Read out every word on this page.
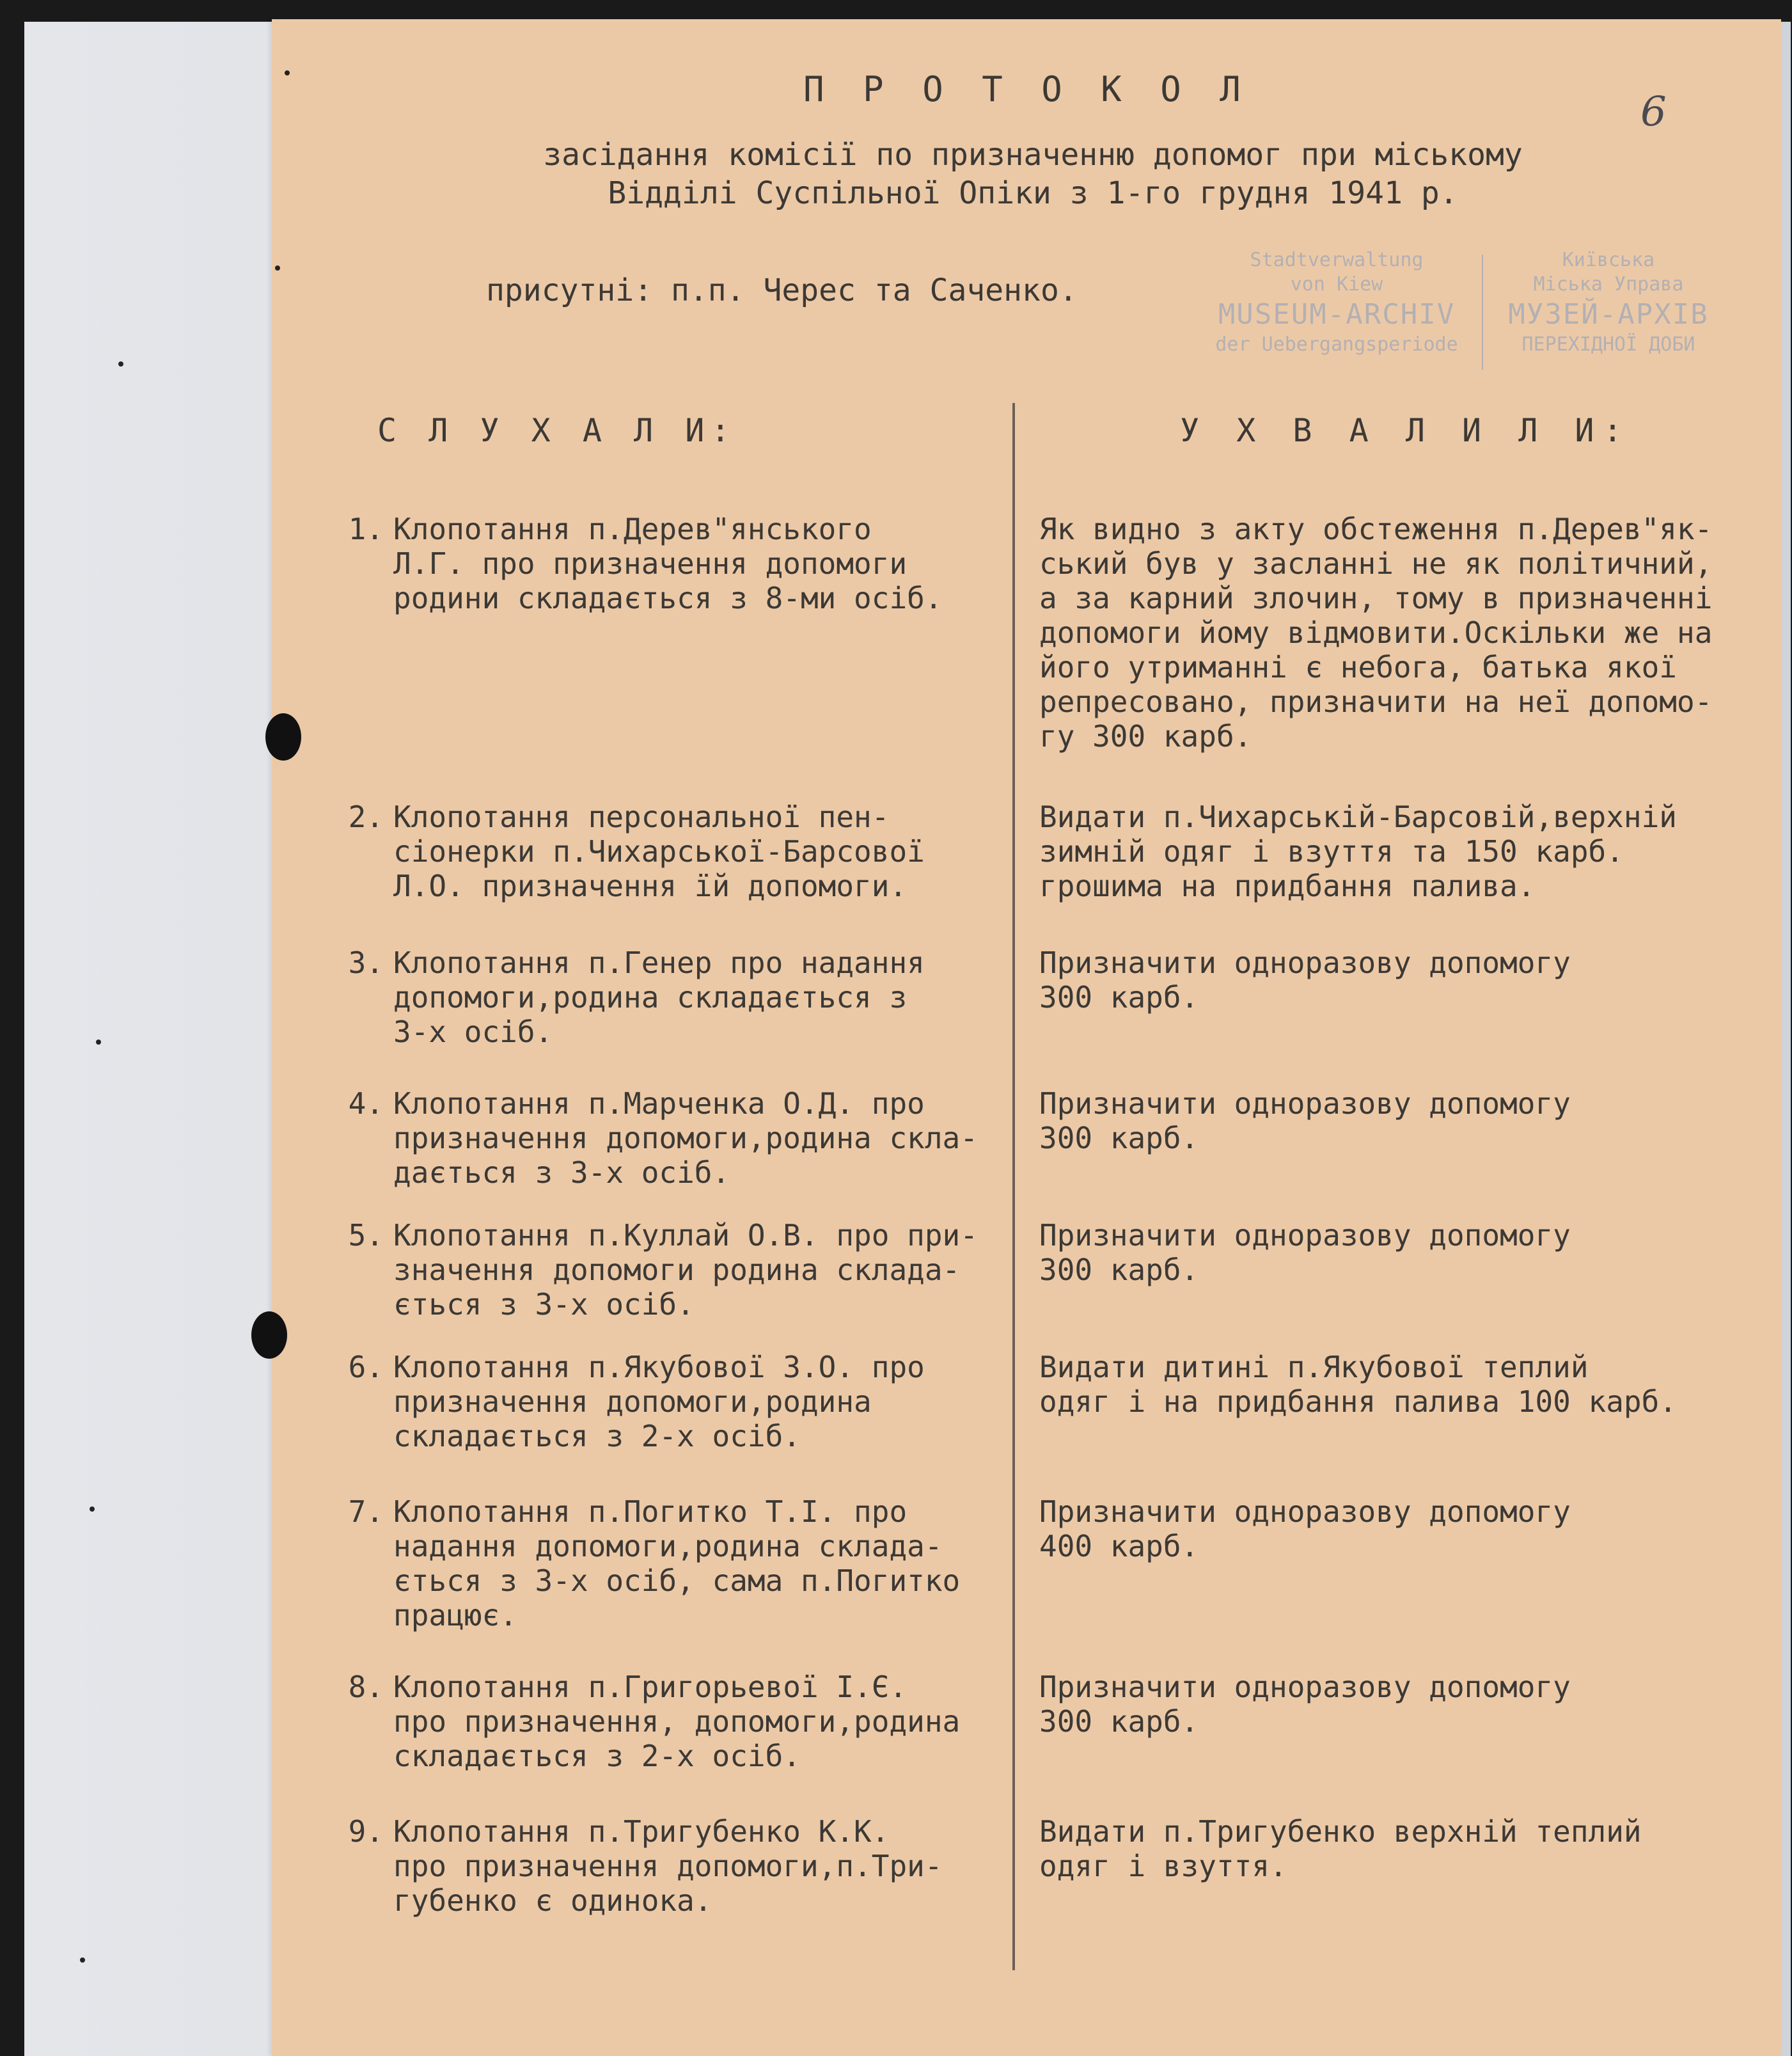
П Р О Т О К О Л
засідання комісії по призначенню допомог при міському
Відділі Суспільної Опіки з 1-го грудня 1941 р.
6
присутні: п.п. Черес та Саченко.
Stadtverwaltung
von Kiew
MUSEUM-ARCHIV
der Uebergangsperiode
Київська
Міська Управа
МУЗЕЙ-АРХІВ
ПЕРЕХІДНОЇ ДОБИ
С Л У Х А Л И:	У Х В А Л И Л И:
1. Клопотання п.Дерев"янського

Л.Г. про призначення допомоги

родини складається з 8-ми осіб.

Як видно з акту обстеження п.Дерев"як-

ський був у засланні не як політичний,

а за карний злочин, тому в призначенні

допомоги йому відмовити.Оскільки же на

його утриманні є небога, батька якої

репресовано, призначити на неї допомо-

гу 300 карб.

2. Клопотання персональної пен-

сіонерки п.Чихарської-Барсової

Л.О. призначення їй допомоги.

Видати п.Чихарській-Барсовій,верхній

зимній одяг і взуття та 150 карб.

грошима на придбання палива.

3. Клопотання п.Генер про надання

допомоги,родина складається з

3-х осіб.

Призначити одноразову допомогу

300 карб.

4. Клопотання п.Марченка О.Д. про

призначення допомоги,родина скла-

дається з 3-х осіб.

Призначити одноразову допомогу

300 карб.

5. Клопотання п.Куллай О.В. про при-

значення допомоги родина склада-

ється з 3-х осіб.

Призначити одноразову допомогу

300 карб.

6. Клопотання п.Якубової З.О. про

призначення допомоги,родина

складається з 2-х осіб.

Видати дитині п.Якубової теплий

одяг і на придбання палива 100 карб.

7. Клопотання п.Погитко Т.І. про

надання допомоги,родина склада-

ється з 3-х осіб, сама п.Погитко

працює.

Призначити одноразову допомогу

400 карб.

8. Клопотання п.Григорьевої І.Є.

про призначення, допомоги,родина

складається з 2-х осіб.

Призначити одноразову допомогу

300 карб.

9. Клопотання п.Тригубенко К.К.

про призначення допомоги,п.Три-

губенко є одинока.

Видати п.Тригубенко верхній теплий

одяг і взуття.
